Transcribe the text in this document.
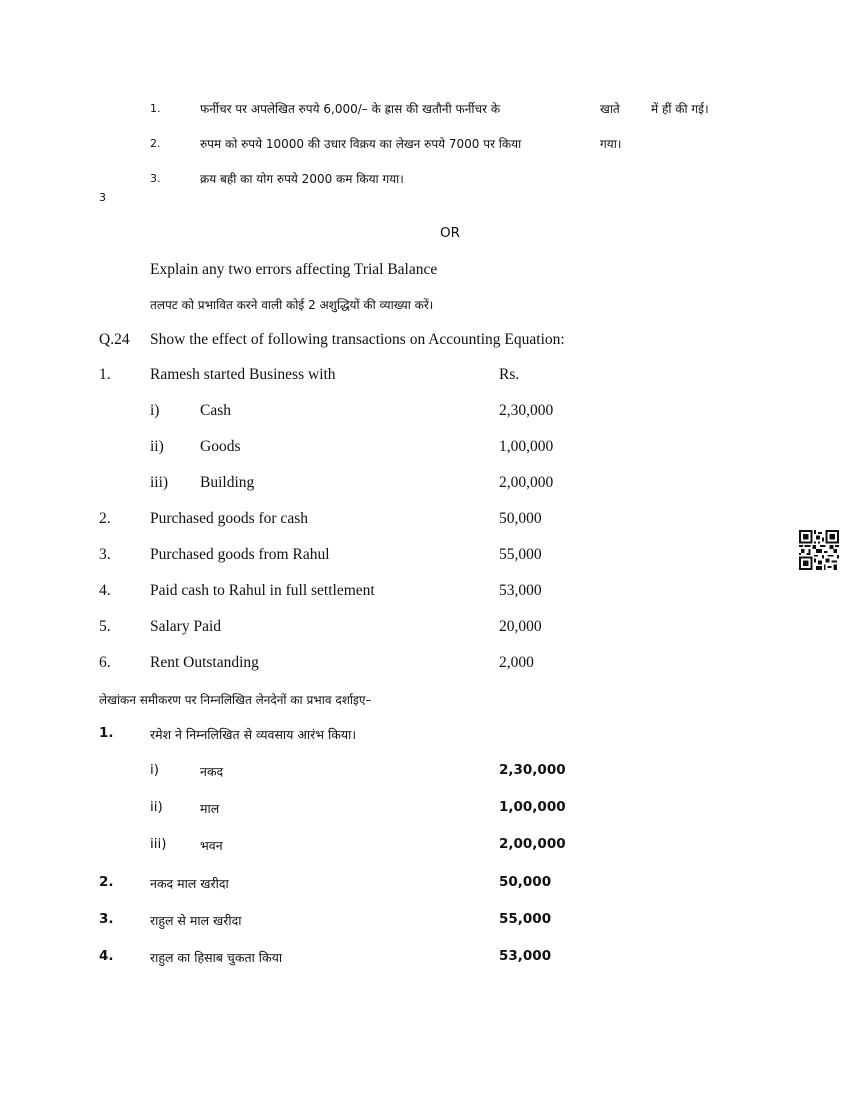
1.	फर्नीचर पर अपलेखित रुपये 6,000/– के ह्रास की खतौनी फर्नीचर के	खाते	में हीं की गई।
2.	रुपम को रुपये 10000 की उधार विक्रय का लेखन रुपये 7000 पर किया	गया।
3.	क्रय बही का योग रुपये 2000 कम किया गया।
3
OR
Explain any two errors affecting Trial Balance
तलपट को प्रभावित करने वाली कोई 2 अशुद्धियों की व्याख्या करें।
Q.24 Show the effect of following transactions on Accounting Equation:
1.	Ramesh started Business with	Rs.
i)	Cash	2,30,000
ii) Goods	1,00,000
iii) Building	2,00,000
2.	Purchased goods for cash	50,000
3.	Purchased goods from Rahul	55,000
4.	Paid cash to Rahul in full settlement	53,000
5.	Salary Paid	20,000
6.	Rent Outstanding	2,000
लेखांकन समीकरण पर निम्नलिखित लेनदेनों का प्रभाव दर्शाइए–
1.	रमेश ने निम्नलिखित से व्यवसाय आरंभ किया।
i)	नकद	2,30,000
ii)	माल	1,00,000
iii)	भवन	2,00,000
2.	नकद माल खरीदा	50,000
3.	राहुल से माल खरीदा	55,000
4.	राहुल का हिसाब चुकता किया	53,000
